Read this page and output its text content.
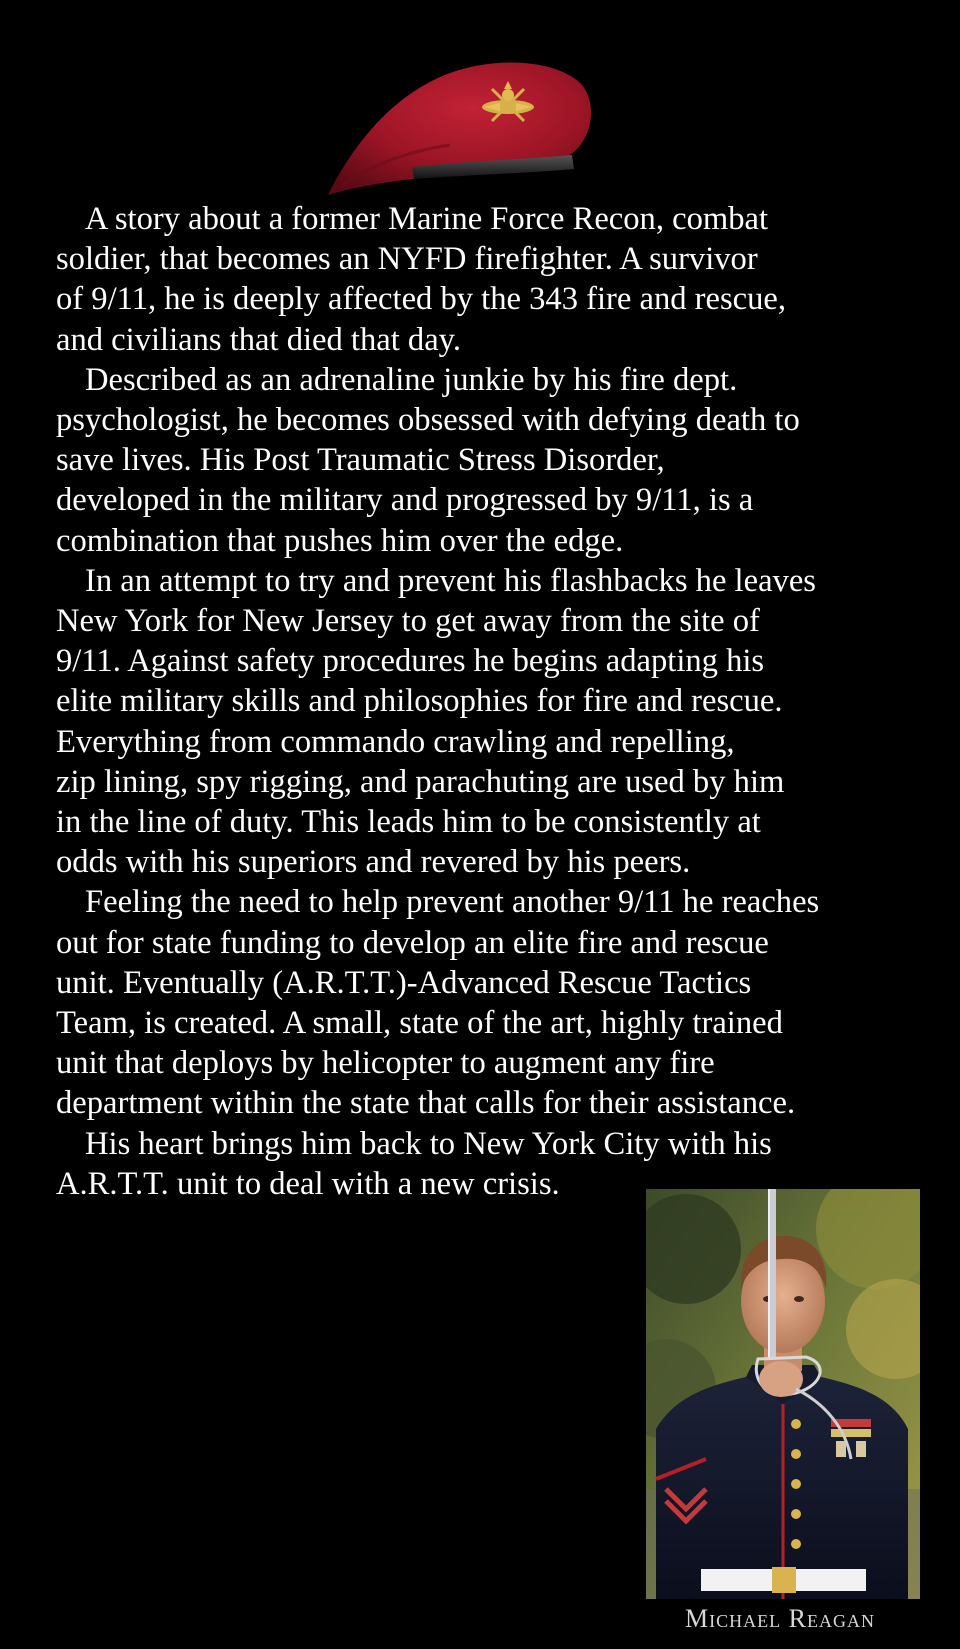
A story about a former Marine Force Recon, combat
soldier, that becomes an NYFD firefighter. A survivor
of 9/11, he is deeply affected by the 343 fire and rescue,
and civilians that died that day.

Described as an adrenaline junkie by his fire dept.
psychologist, he becomes obsessed with defying death to
save lives. His Post Traumatic Stress Disorder,
developed in the military and progressed by 9/11, is a
combination that pushes him over the edge.

In an attempt to try and prevent his flashbacks he leaves
New York for New Jersey to get away from the site of
9/11. Against safety procedures he begins adapting his
elite military skills and philosophies for fire and rescue.
Everything from commando crawling and repelling,
zip lining, spy rigging, and parachuting are used by him
in the line of duty. This leads him to be consistently at
odds with his superiors and revered by his peers.

Feeling the need to help prevent another 9/11 he reaches
out for state funding to develop an elite fire and rescue
unit. Eventually (A.R.T.T.)-Advanced Rescue Tactics
Team, is created. A small, state of the art, highly trained
unit that deploys by helicopter to augment any fire
department within the state that calls for their assistance.

His heart brings him back to New York City with his
A.R.T.T. unit to deal with a new crisis.

Michael Reagan
